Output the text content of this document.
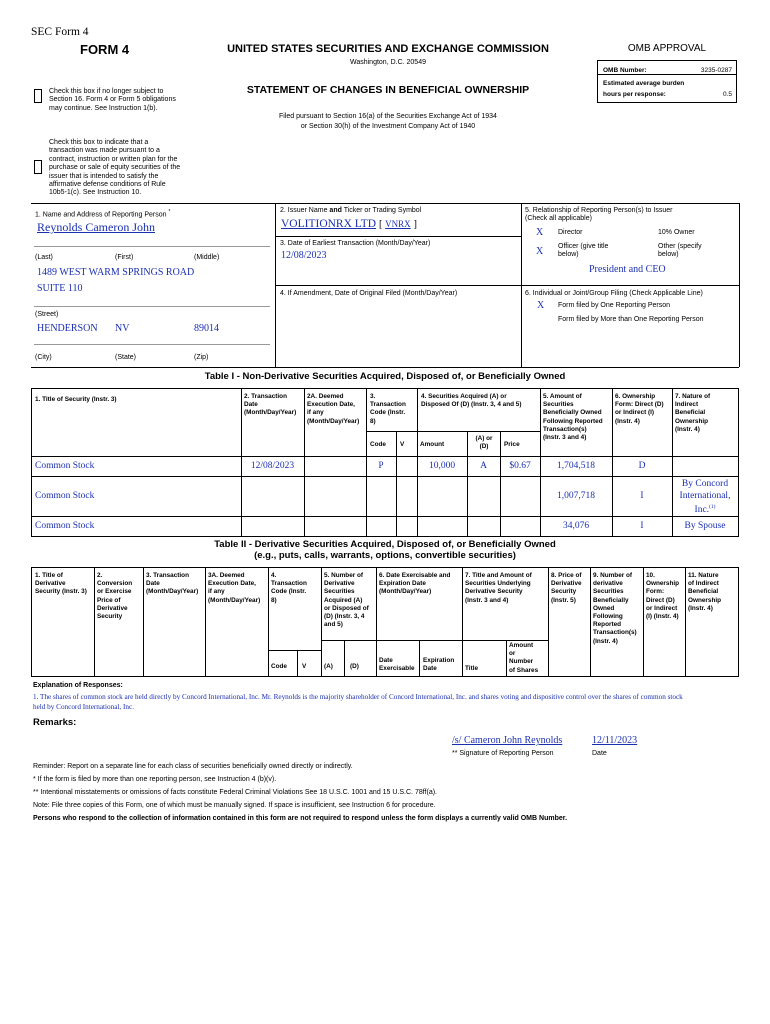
SEC Form 4
FORM 4	UNITED STATES SECURITIES AND EXCHANGE COMMISSION
Washington, D.C. 20549
STATEMENT OF CHANGES IN BENEFICIAL OWNERSHIP
Filed pursuant to Section 16(a) of the Securities Exchange Act of 1934
or Section 30(h) of the Investment Company Act of 1940
Check this box if no longer subject to
Section 16. Form 4 or Form 5 obligations
may continue. See Instruction 1(b).
Check this box to indicate that a
transaction was made pursuant to a
contract, instruction or written plan for the
purchase or sale of equity securities of the
issuer that is intended to satisfy the
affirmative defense conditions of Rule
10b5-1(c). See Instruction 10.
OMB APPROVAL
OMB Number:	3235-0287
Estimated average burden
hours per response:	0.5
1. Name and Address of Reporting Person *
Reynolds Cameron John
(Last)	(First)	(Middle)
1489 WEST WARM SPRINGS ROAD
SUITE 110
(Street)
HENDERSON NV	89014
(City)	(State)	(Zip)
2. Issuer Name and Ticker or Trading Symbol
VOLITIONRX LTD [ VNRX ]
3. Date of Earliest Transaction (Month/Day/Year)
12/08/2023
4. If Amendment, Date of Original Filed (Month/Day/Year)
5. Relationship of Reporting Person(s) to Issuer
(Check all applicable)
X Director	10% Owner
X Officer (give title
below)
Other (specify
below)
President and CEO
6. Individual or Joint/Group Filing (Check Applicable Line)
X Form filed by One Reporting Person
Form filed by More than One Reporting Person
Table I - Non-Derivative Securities Acquired, Disposed of, or Beneficially Owned
1. Title of Security (Instr. 3)	2. Transaction
Date
(Month/Day/Year)
2A. Deemed
Execution Date,
if any
(Month/Day/Year)
3.
Transaction
Code (Instr.
8)
4. Securities Acquired (A) or
Disposed Of (D) (Instr. 3, 4 and 5)
5. Amount of
Securities
Beneficially Owned
Following Reported
Transaction(s)
(Instr. 3 and 4)
6. Ownership
Form: Direct (D)
or Indirect (I)
(Instr. 4)
7. Nature of
Indirect
Beneficial
Ownership
(Instr. 4)
Code V Amount
(A) or
(D)	Price
Common Stock	12/08/2023	P	10,000	A	$0.67	1,704,518	D
Common Stock	1,007,718	I
By Concord
International,
Inc.$^{(1)}$
Common Stock	34,076	I	By Spouse
Table II - Derivative Securities Acquired, Disposed of, or Beneficially Owned
(e.g., puts, calls, warrants, options, convertible securities)
1. Title of
Derivative
Security (Instr. 3)
2.
Conversion
or Exercise
Price of
Derivative
Security
3. Transaction
Date
(Month/Day/Year)
3A. Deemed
Execution Date,
if any
(Month/Day/Year)
4.
Transaction
Code (Instr.
8)
5. Number of
Derivative
Securities
Acquired (A)
or Disposed of
(D) (Instr. 3, 4
and 5)
6. Date Exercisable and
Expiration Date
(Month/Day/Year)
7. Title and Amount of
Securities Underlying
Derivative Security
(Instr. 3 and 4)
8. Price of
Derivative
Security
(Instr. 5)
9. Number of
derivative
Securities
Beneficially
Owned
Following
Reported
Transaction(s)
(Instr. 4)
10.
Ownership
Form:
Direct (D)
or Indirect
(I) (Instr. 4)
11. Nature
of Indirect
Beneficial
Ownership
(Instr. 4)
Code V	(A)	(D)
Date
Exercisable
Expiration
Date	Title
Amount
or
Number
of Shares
Explanation of Responses:
1. The shares of common stock are held directly by Concord International, Inc. Mr. Reynolds is the majority shareholder of Concord International, Inc. and shares voting and dispositive control over the shares of common stock
held by Concord International, Inc.
Remarks:
/s/ Cameron John Reynolds	12/11/2023
** Signature of Reporting Person	Date
Reminder: Report on a separate line for each class of securities beneficially owned directly or indirectly.
* If the form is filed by more than one reporting person, see Instruction 4 (b)(v).
** Intentional misstatements or omissions of facts constitute Federal Criminal Violations See 18 U.S.C. 1001 and 15 U.S.C. 78ff(a).
Note: File three copies of this Form, one of which must be manually signed. If space is insufficient, see Instruction 6 for procedure.
Persons who respond to the collection of information contained in this form are not required to respond unless the form displays a currently valid OMB Number.
